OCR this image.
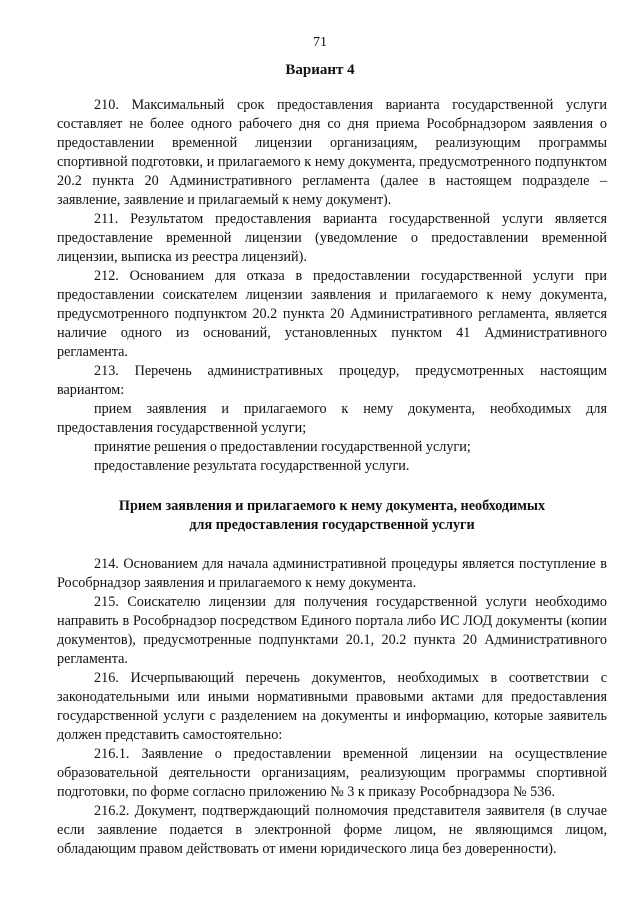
71
Вариант 4

210. Максимальный срок предоставления варианта государственной услуги составляет не более одного рабочего дня со дня приема Рособрнадзором заявления о предоставлении временной лицензии организациям, реализующим программы спортивной подготовки, и прилагаемого к нему документа, предусмотренного подпунктом 20.2 пункта 20 Административного регламента (далее в настоящем подразделе – заявление, заявление и прилагаемый к нему документ).

211. Результатом предоставления варианта государственной услуги является предоставление временной лицензии (уведомление о предоставлении временной лицензии, выписка из реестра лицензий).

212. Основанием для отказа в предоставлении государственной услуги при предоставлении соискателем лицензии заявления и прилагаемого к нему документа, предусмотренного подпунктом 20.2 пункта 20 Административного регламента, является наличие одного из оснований, установленных пунктом 41 Административного регламента.

213. Перечень административных процедур, предусмотренных настоящим вариантом:

прием заявления и прилагаемого к нему документа, необходимых для предоставления государственной услуги;

принятие решения о предоставлении государственной услуги;

предоставление результата государственной услуги.

Прием заявления и прилагаемого к нему документа, необходимых
для предоставления государственной услуги

214. Основанием для начала административной процедуры является поступление в Рособрнадзор заявления и прилагаемого к нему документа.

215. Соискателю лицензии для получения государственной услуги необходимо направить в Рособрнадзор посредством Единого портала либо ИС ЛОД документы (копии документов), предусмотренные подпунктами 20.1, 20.2 пункта 20 Административного регламента.

216. Исчерпывающий перечень документов, необходимых в соответствии с законодательными или иными нормативными правовыми актами для предоставления государственной услуги с разделением на документы и информацию, которые заявитель должен представить самостоятельно:

216.1. Заявление о предоставлении временной лицензии на осуществление образовательной деятельности организациям, реализующим программы спортивной подготовки, по форме согласно приложению № 3 к приказу Рособрнадзора № 536.

216.2. Документ, подтверждающий полномочия представителя заявителя (в случае если заявление подается в электронной форме лицом, не являющимся лицом, обладающим правом действовать от имени юридического лица без доверенности).
